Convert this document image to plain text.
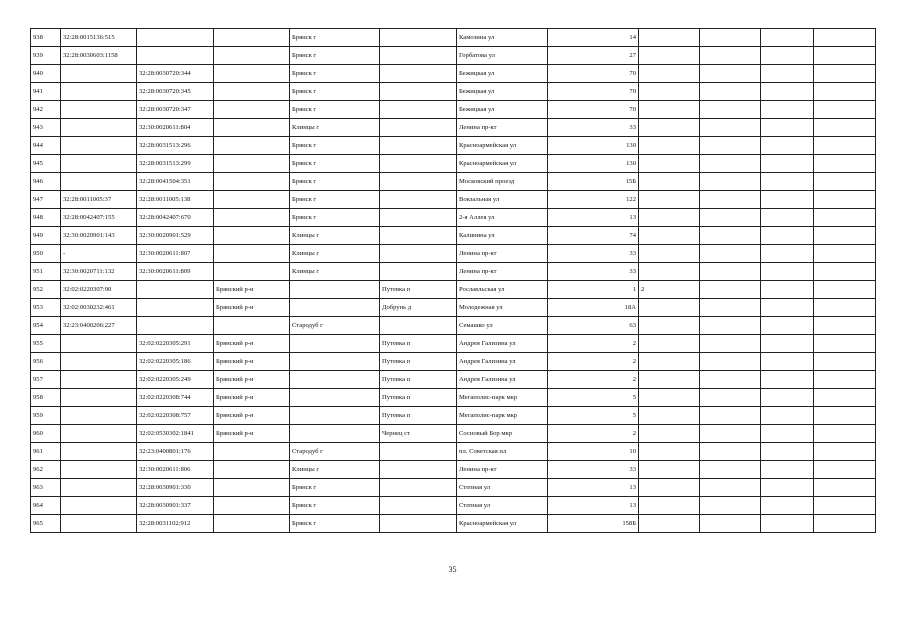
938	32:28:0015136:515			Брянск г		Камозина ул	14				
939	32:28:0030603:1158			Брянск г		Горбатова ул	27				
940		32:28:0030720:344		Брянск г		Бежицкая ул	70				
941		32:28:0030720:345		Брянск г		Бежицкая ул	70				
942		32:28:0030720:347		Брянск г		Бежицкая ул	70				
943		32:30:0020611:804		Клинцы г		Ленина пр-кт	33				
944		32:28:0031513:296		Брянск г		Красноармейская ул	130				
945		32:28:0031513:299		Брянск г		Красноармейская ул	130				
946		32:28:0041504:351		Брянск г		Московский проезд	15Б				
947	32:28:0011005:37	32:28:0011005:138		Брянск г		Вокзальная ул	122				
948	32:28:0042407:155	32:28:0042407:670		Брянск г		2-я Аллея ул	13				
949	32:30:0020901:143	32:30:0020901:529		Клинцы г		Калинина ул	74				
950	-	32:30:0020611:807		Клинцы г		Ленина пр-кт	33				
951	32:30:0020711:132	32:30:0020611:809		Клинцы г		Ленина пр-кт	33				
952	32:02:0220307:90		Брянский р-н		Путевка п	Рославльская ул	1	2			
953	32:02:0030232:461		Брянский р-н		Добрунь д	Молодежная ул	18А				
954	32:23:0400206:227			Стародуб г		Семашко ул	63				
955		32:02:0220305:291	Брянский р-н		Путевка п	Андрея Гализина ул	2				
956		32:02:0220305:186	Брянский р-н		Путевка п	Андрея Гализина ул	2				
957		32:02:0220305:249	Брянский р-н		Путевка п	Андрея Гализина ул	2				
958		32:02:0220308:744	Брянский р-н		Путевка п	Мегаполис-парк мкр	5				
959		32:02:0220308:757	Брянский р-н		Путевка п	Мегаполис-парк мкр	5				
960		32:02:0530302:1841	Брянский р-н		Чернец ст	Сосновый Бор мкр	2				
961		32:23:0400801:176		Стародуб г		пл. Советская пл	10				
962		32:30:0020611:806		Клинцы г		Ленина пр-кт	33				
963		32:28:0030901:330		Брянск г		Степная ул	13				
964		32:28:0030901:337		Брянск г		Степная ул	13				
965		32:28:0031102:912		Брянск г		Красноармейская ул	158Б				
35
